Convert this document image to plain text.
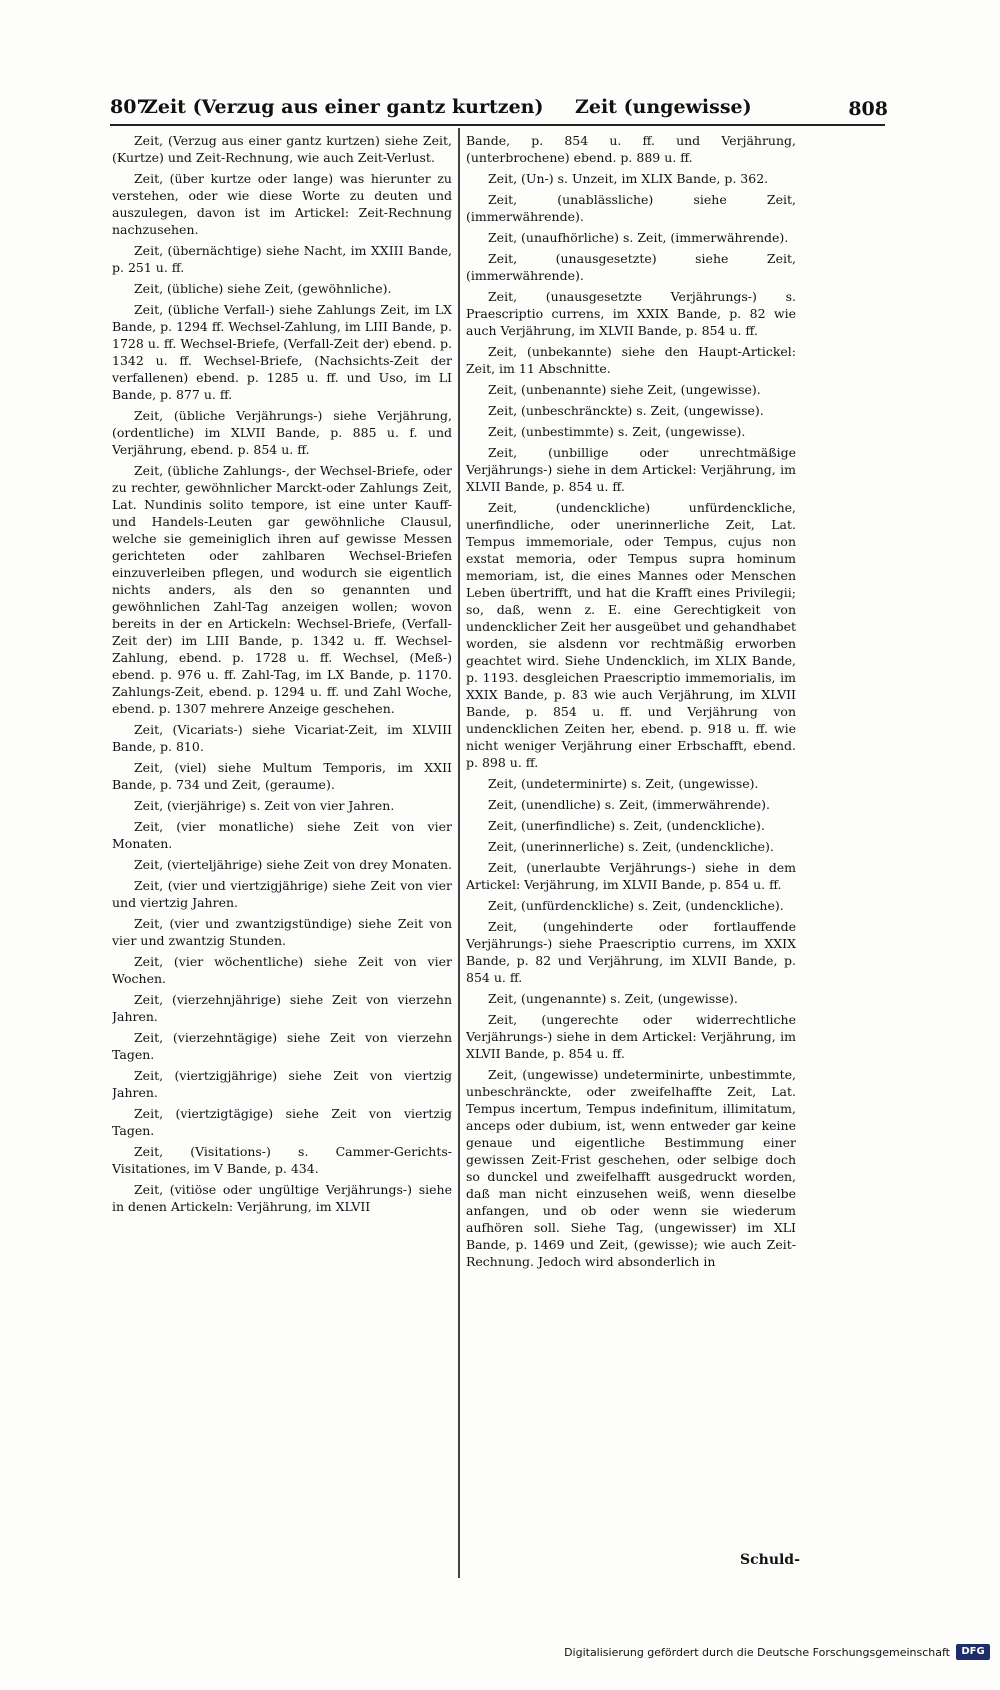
807
Zeit (Verzug aus einer gantz kurtzen) Zeit (ungewisse)	808

Zeit, (Verzug aus einer gantz kurtzen) siehe Zeit, (Kurtze) und Zeit-Rechnung, wie auch Zeit-Verlust.

Zeit, (über kurtze oder lange) was hierunter zu verstehen, oder wie diese Worte zu deuten und auszulegen, davon ist im Artickel: Zeit-Rechnung nachzusehen.

Zeit, (übernächtige) siehe Nacht, im XXIII Bande, p. 251 u. ff.

Zeit, (übliche) siehe Zeit, (gewöhnliche).

Zeit, (übliche Verfall-) siehe Zahlungs Zeit, im LX Bande, p. 1294 ff. Wechsel-Zahlung, im LIII Bande, p. 1728 u. ff. Wechsel-Briefe, (Verfall-Zeit der) ebend. p. 1342 u. ff. Wechsel-Briefe, (Nachsichts-Zeit der verfallenen) ebend. p. 1285 u. ff. und Uso, im LI Bande, p. 877 u. ff.

Zeit, (übliche Verjährungs-) siehe Verjährung, (ordentliche) im XLVII Bande, p. 885 u. f. und Verjährung, ebend. p. 854 u. ff.

Zeit, (übliche Zahlungs-, der Wechsel-Briefe, oder zu rechter, gewöhnlicher Marckt-oder Zahlungs Zeit, Lat. Nundinis solito tempore, ist eine unter Kauff- und Handels-Leuten gar gewöhnliche Clausul, welche sie gemeiniglich ihren auf gewisse Messen gerichteten oder zahlbaren Wechsel-Briefen einzuverleiben pflegen, und wodurch sie eigentlich nichts anders, als den so genannten und gewöhnlichen Zahl-Tag anzeigen wollen; wovon bereits in der en Artickeln: Wechsel-Briefe, (Verfall-Zeit der) im LIII Bande, p. 1342 u. ff. Wechsel-Zahlung, ebend. p. 1728 u. ff. Wechsel, (Meß-) ebend. p. 976 u. ff. Zahl-Tag, im LX Bande, p. 1170. Zahlungs-Zeit, ebend. p. 1294 u. ff. und Zahl Woche, ebend. p. 1307 mehrere Anzeige geschehen.

Zeit, (Vicariats-) siehe Vicariat-Zeit, im XLVIII Bande, p. 810.

Zeit, (viel) siehe Multum Temporis, im XXII Bande, p. 734 und Zeit, (geraume).

Zeit, (vierjährige) s. Zeit von vier Jahren.

Zeit, (vier monatliche) siehe Zeit von vier Monaten.

Zeit, (vierteljährige) siehe Zeit von drey Monaten.

Zeit, (vier und viertzigjährige) siehe Zeit von vier und viertzig Jahren.

Zeit, (vier und zwantzigstündige) siehe Zeit von vier und zwantzig Stunden.

Zeit, (vier wöchentliche) siehe Zeit von vier Wochen.

Zeit, (vierzehnjährige) siehe Zeit von vierzehn Jahren.

Zeit, (vierzehntägige) siehe Zeit von vierzehn Tagen.

Zeit, (viertzigjährige) siehe Zeit von viertzig Jahren.

Zeit, (viertzigtägige) siehe Zeit von viertzig Tagen.

Zeit, (Visitations-) s. Cammer-Gerichts-Visitationes, im V Bande, p. 434.

Zeit, (vitiöse oder ungültige Verjährungs-) siehe in denen Artickeln: Verjährung, im XLVII

Bande, p. 854 u. ff. und Verjährung, (unterbrochene) ebend. p. 889 u. ff.

Zeit, (Un-) s. Unzeit, im XLIX Bande, p. 362.

Zeit, (unablässliche) siehe Zeit, (immerwährende).

Zeit, (unaufhörliche) s. Zeit, (immerwährende).

Zeit, (unausgesetzte) siehe Zeit, (immerwährende).

Zeit, (unausgesetzte Verjährungs-) s. Praescriptio currens, im XXIX Bande, p. 82 wie auch Verjährung, im XLVII Bande, p. 854 u. ff.

Zeit, (unbekannte) siehe den Haupt-Artickel: Zeit, im 11 Abschnitte.

Zeit, (unbenannte) siehe Zeit, (ungewisse).

Zeit, (unbeschränckte) s. Zeit, (ungewisse).

Zeit, (unbestimmte) s. Zeit, (ungewisse).

Zeit, (unbillige oder unrechtmäßige Verjährungs-) siehe in dem Artickel: Verjährung, im XLVII Bande, p. 854 u. ff.

Zeit, (undenckliche) unfürdenckliche, unerfindliche, oder unerinnerliche Zeit, Lat. Tempus immemoriale, oder Tempus, cujus non exstat memoria, oder Tempus supra hominum memoriam, ist, die eines Mannes oder Menschen Leben übertrifft, und hat die Krafft eines Privilegii; so, daß, wenn z. E. eine Gerechtigkeit von undencklicher Zeit her ausgeübet und gehandhabet worden, sie alsdenn vor rechtmäßig erworben geachtet wird. Siehe Undencklich, im XLIX Bande, p. 1193. desgleichen Praescriptio immemorialis, im XXIX Bande, p. 83 wie auch Verjährung, im XLVII Bande, p. 854 u. ff. und Verjährung von undencklichen Zeiten her, ebend. p. 918 u. ff. wie nicht weniger Verjährung einer Erbschafft, ebend. p. 898 u. ff.

Zeit, (undeterminirte) s. Zeit, (ungewisse).

Zeit, (unendliche) s. Zeit, (immerwährende).

Zeit, (unerfindliche) s. Zeit, (undenckliche).

Zeit, (unerinnerliche) s. Zeit, (undenckliche).

Zeit, (unerlaubte Verjährungs-) siehe in dem Artickel: Verjährung, im XLVII Bande, p. 854 u. ff.

Zeit, (unfürdenckliche) s. Zeit, (undenckliche).

Zeit, (ungehinderte oder fortlauffende Verjährungs-) siehe Praescriptio currens, im XXIX Bande, p. 82 und Verjährung, im XLVII Bande, p. 854 u. ff.

Zeit, (ungenannte) s. Zeit, (ungewisse).

Zeit, (ungerechte oder widerrechtliche Verjährungs-) siehe in dem Artickel: Verjährung, im XLVII Bande, p. 854 u. ff.

Zeit, (ungewisse) undeterminirte, unbestimmte, unbeschränckte, oder zweifelhaffte Zeit, Lat. Tempus incertum, Tempus indefinitum, illimitatum, anceps oder dubium, ist, wenn entweder gar keine genaue und eigentliche Bestimmung einer gewissen Zeit-Frist geschehen, oder selbige doch so dunckel und zweifelhafft ausgedruckt worden, daß man nicht einzusehen weiß, wenn dieselbe anfangen, und ob oder wenn sie wiederum aufhören soll. Siehe Tag, (ungewisser) im XLI Bande, p. 1469 und Zeit, (gewisse); wie auch Zeit-Rechnung. Jedoch wird absonderlich in

Schuld-
Digitalisierung gefördert durch die Deutsche Forschungsgemeinschaft	DFG
